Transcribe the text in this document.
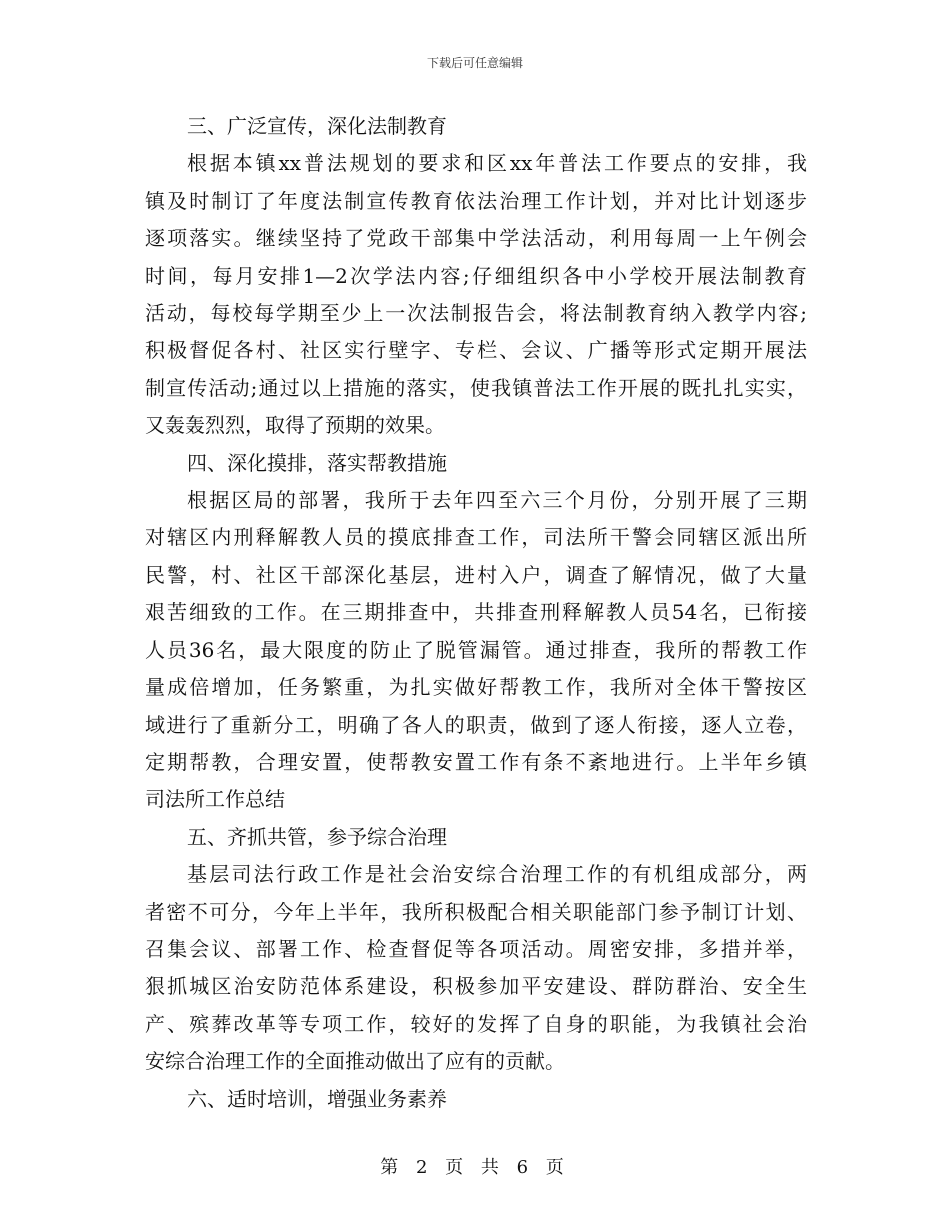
下载后可任意编辑
三、广泛宣传，深化法制教育
根据本镇xx普法规划的要求和区xx年普法工作要点的安排，我
镇及时制订了年度法制宣传教育依法治理工作计划，并对比计划逐步
逐项落实。继续坚持了党政干部集中学法活动，利用每周一上午例会
时间，每月安排1—2次学法内容;仔细组织各中小学校开展法制教育
活动，每校每学期至少上一次法制报告会，将法制教育纳入教学内容;
积极督促各村、社区实行壁字、专栏、会议、广播等形式定期开展法
制宣传活动;通过以上措施的落实，使我镇普法工作开展的既扎扎实实，
又轰轰烈烈，取得了预期的效果。
四、深化摸排，落实帮教措施
根据区局的部署，我所于去年四至六三个月份，分别开展了三期
对辖区内刑释解教人员的摸底排查工作，司法所干警会同辖区派出所
民警，村、社区干部深化基层，进村入户，调查了解情况，做了大量
艰苦细致的工作。在三期排查中，共排查刑释解教人员54名，已衔接
人员36名，最大限度的防止了脱管漏管。通过排查，我所的帮教工作
量成倍增加，任务繁重，为扎实做好帮教工作，我所对全体干警按区
域进行了重新分工，明确了各人的职责，做到了逐人衔接，逐人立卷，
定期帮教，合理安置，使帮教安置工作有条不紊地进行。上半年乡镇
司法所工作总结
五、齐抓共管，参予综合治理
基层司法行政工作是社会治安综合治理工作的有机组成部分，两
者密不可分，今年上半年，我所积极配合相关职能部门参予制订计划、
召集会议、部署工作、检查督促等各项活动。周密安排，多措并举，
狠抓城区治安防范体系建设，积极参加平安建设、群防群治、安全生
产、殡葬改革等专项工作，较好的发挥了自身的职能，为我镇社会治
安综合治理工作的全面推动做出了应有的贡献。
六、适时培训，增强业务素养
第 2 页 共 6 页
